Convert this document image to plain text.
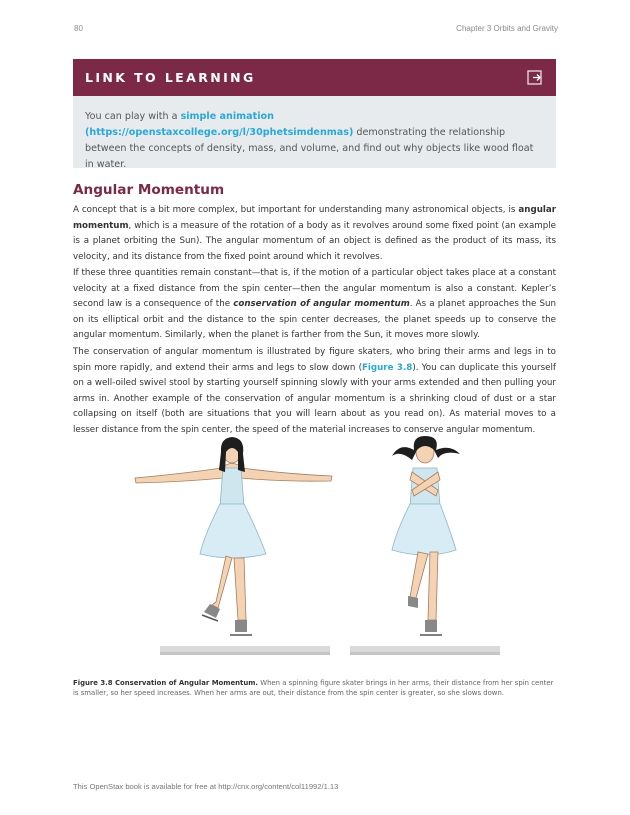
80	Chapter 3 Orbits and Gravity
LINK TO LEARNING
You can play with a simple animation (https://openstaxcollege.org/l/30phetsimdenmas) demonstrating the relationship between the concepts of density, mass, and volume, and find out why objects like wood float in water.
Angular Momentum

A concept that is a bit more complex, but important for understanding many astronomical objects, is angular momentum, which is a measure of the rotation of a body as it revolves around some fixed point (an example is a planet orbiting the Sun). The angular momentum of an object is defined as the product of its mass, its velocity, and its distance from the fixed point around which it revolves.

If these three quantities remain constant—that is, if the motion of a particular object takes place at a constant velocity at a fixed distance from the spin center—then the angular momentum is also a constant. Kepler’s second law is a consequence of the conservation of angular momentum. As a planet approaches the Sun on its elliptical orbit and the distance to the spin center decreases, the planet speeds up to conserve the angular momentum. Similarly, when the planet is farther from the Sun, it moves more slowly.

The conservation of angular momentum is illustrated by figure skaters, who bring their arms and legs in to spin more rapidly, and extend their arms and legs to slow down (Figure 3.8). You can duplicate this yourself on a well-oiled swivel stool by starting yourself spinning slowly with your arms extended and then pulling your arms in. Another example of the conservation of angular momentum is a shrinking cloud of dust or a star collapsing on itself (both are situations that you will learn about as you read on). As material moves to a lesser distance from the spin center, the speed of the material increases to conserve angular momentum.

Figure 3.8 Conservation of Angular Momentum. When a spinning figure skater brings in her arms, their distance from her spin center is smaller, so her speed increases. When her arms are out, their distance from the spin center is greater, so she slows down.
This OpenStax book is available for free at http://cnx.org/content/col11992/1.13
